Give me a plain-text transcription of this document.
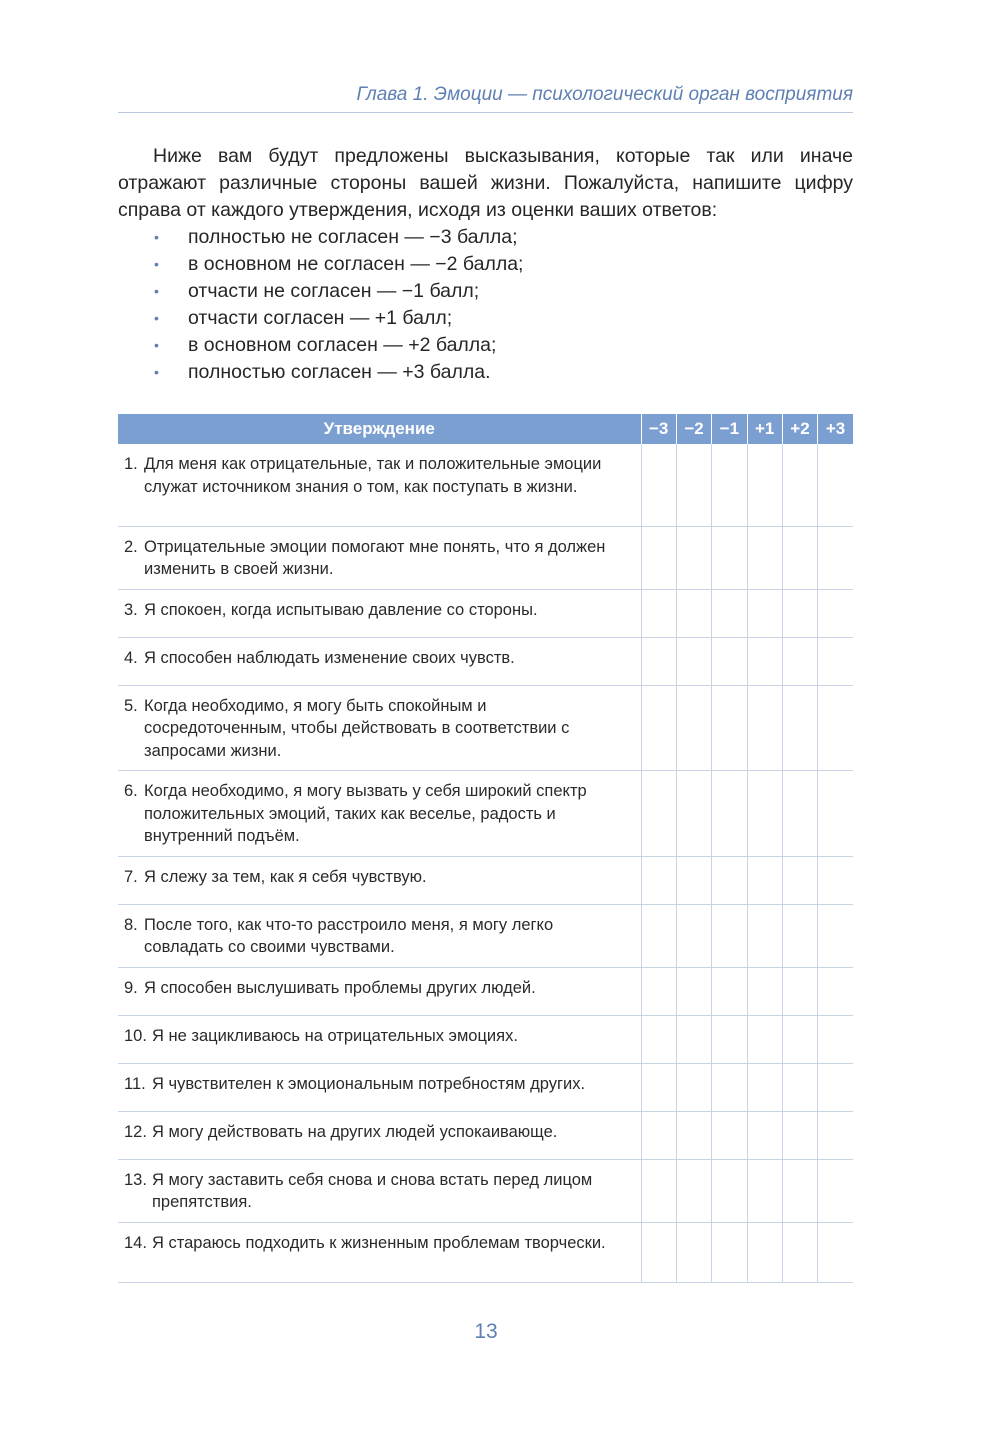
Глава 1. Эмоции — психологический орган восприятия

Ниже вам будут предложены высказывания, которые так или иначе отражают различные стороны вашей жизни. Пожалуйста, напишите цифру справа от каждого утверждения, исходя из оценки ваших ответов:

• полностью не согласен — −3 балла;
• в основном не согласен — −2 балла;
• отчасти не согласен — −1 балл;
• отчасти согласен — +1 балл;
• в основном согласен — +2 балла;
• полностью согласен — +3 балла.
Утверждение	−3	−2	−1	+1	+2	+3

1. Для меня как отрицательные, так и положительные эмоции служат источником знания о том, как поступать в жизни.						

2. Отрицательные эмоции помогают мне понять, что я должен изменить в своей жизни.						

3. Я спокоен, когда испытываю давление со стороны.						

4. Я способен наблюдать изменение своих чувств.						

5. Когда необходимо, я могу быть спокойным и сосредоточенным, чтобы действовать в соответствии с запросами жизни.						

6. Когда необходимо, я могу вызвать у себя широкий спектр положительных эмоций, таких как веселье, радость и внутренний подъём.						

7. Я слежу за тем, как я себя чувствую.						

8. После того, как что-то расстроило меня, я могу легко совладать со своими чувствами.						

9. Я способен выслушивать проблемы других людей.						

10. Я не зацикливаюсь на отрицательных эмоциях.						

11. Я чувствителен к эмоциональным потребностям других.						

12. Я могу действовать на других людей успокаивающе.						

13. Я могу заставить себя снова и снова встать перед лицом препятствия.						

14. Я стараюсь подходить к жизненным проблемам творчески.						

13
